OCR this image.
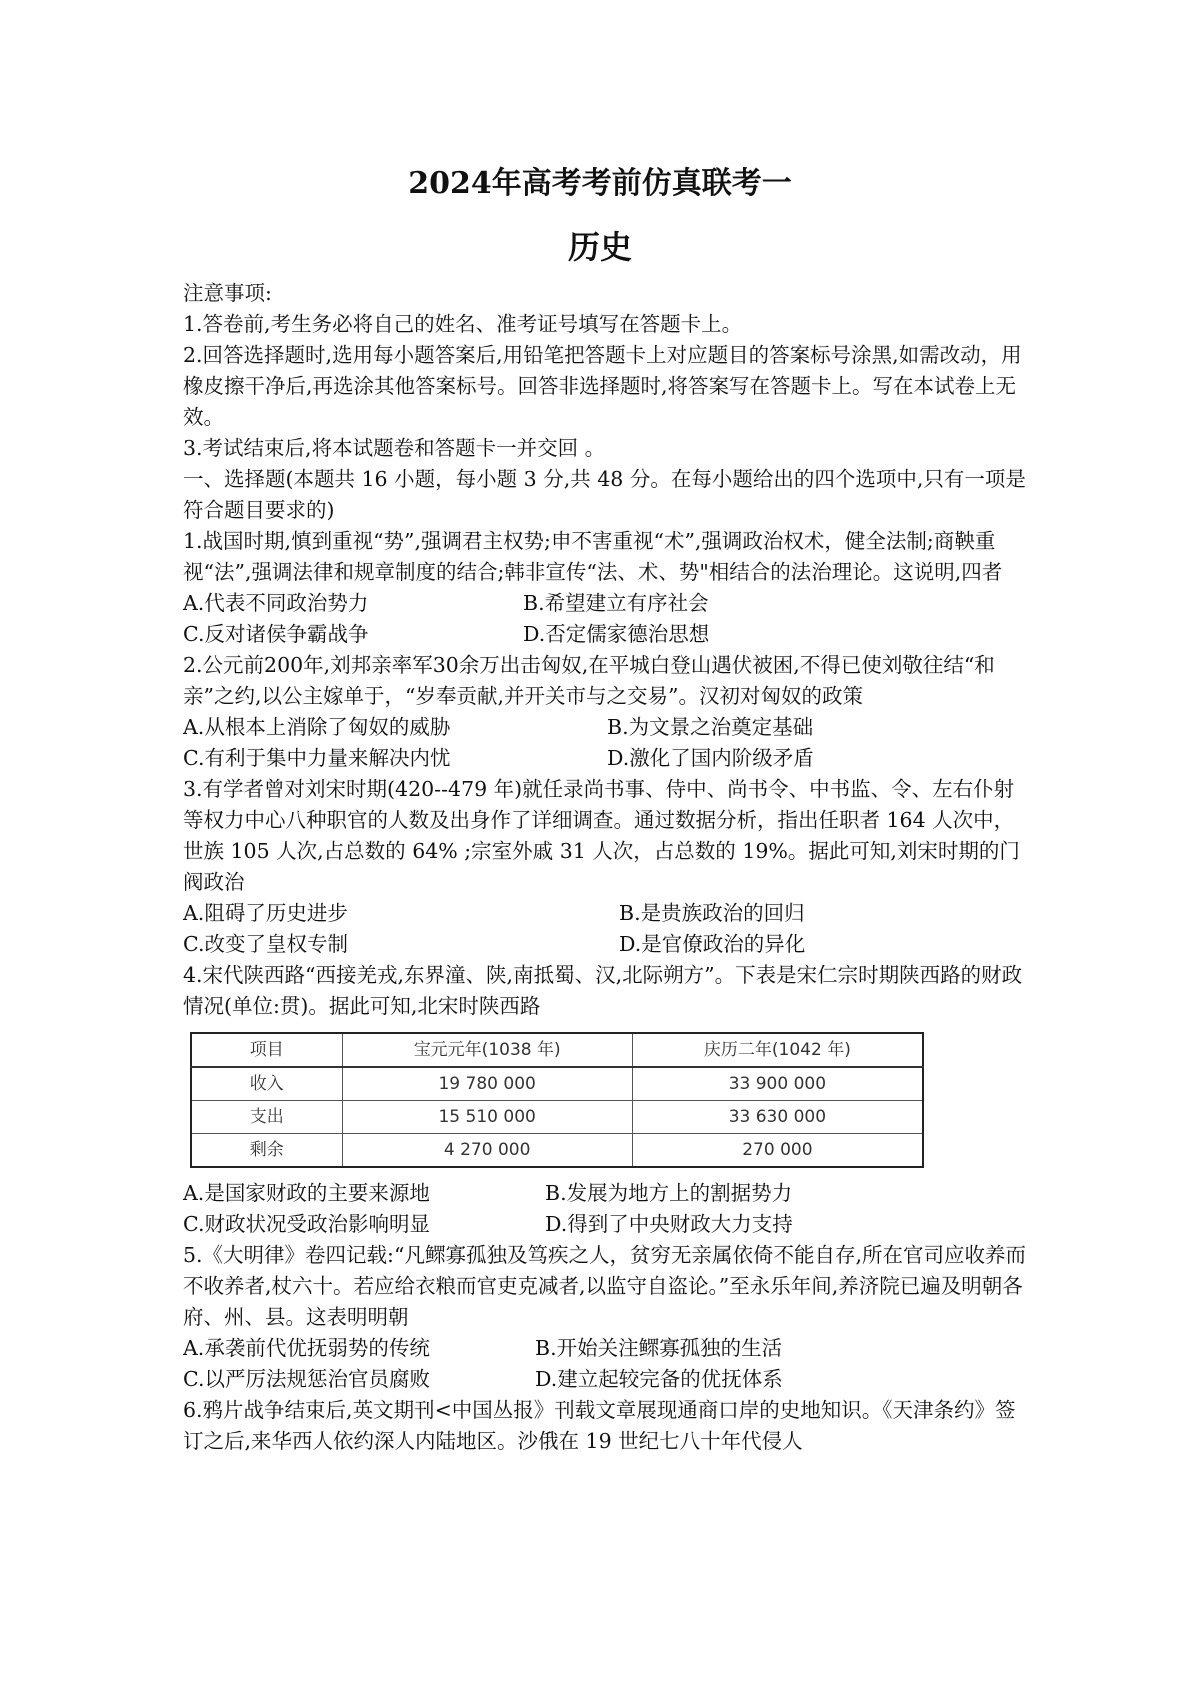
2024年高考考前仿真联考一
历史

注意事项:

1.答卷前,考生务必将自己的姓名、准考证号填写在答题卡上。

2.回答选择题时,选用每小题答案后,用铅笔把答题卡上对应题目的答案标号涂黑,如需改动，用橡皮擦干净后,再选涂其他答案标号。回答非选择题时,将答案写在答题卡上。写在本试卷上无效。

3.考试结束后,将本试题卷和答题卡一并交回 。

一、选择题(本题共 16 小题，每小题 3 分,共 48 分。在每小题给出的四个选项中,只有一项是符合题目要求的)

1.战国时期,慎到重视“势”,强调君主权势;申不害重视“术”,强调政治权术，健全法制;商鞅重视“法”,强调法律和规章制度的结合;韩非宣传“法、术、势"相结合的法治理论。这说明,四者

A.代表不同政治势力	B.希望建立有序社会
C.反对诸侯争霸战争	D.否定儒家德治思想

2.公元前200年,刘邦亲率军30余万出击匈奴,在平城白登山遇伏被困,不得已使刘敬往结“和亲”之约,以公主嫁单于，“岁奉贡献,并开关市与之交易”。汉初对匈奴的政策

A.从根本上消除了匈奴的威胁	B.为文景之治奠定基础
C.有利于集中力量来解决内忧	D.激化了国内阶级矛盾

3.有学者曾对刘宋时期(420--479 年)就任录尚书事、侍中、尚书令、中书监、令、左右仆射等权力中心八种职官的人数及出身作了详细调查。通过数据分析，指出任职者 164 人次中，世族 105 人次,占总数的 64% ;宗室外戚 31 人次，占总数的 19%。据此可知,刘宋时期的门阀政治

A.阻碍了历史进步	B.是贵族政治的回归
C.改变了皇权专制	D.是官僚政治的异化

4.宋代陕西路“西接羌戎,东界潼、陕,南抵蜀、汉,北际朔方”。下表是宋仁宗时期陕西路的财政情况(单位:贯)。据此可知,北宋时陕西路

项目	宝元元年(1038 年)	庆历二年(1042 年)
收入	19 780 000	33 900 000
支出	15 510 000	33 630 000
剩余	4 270 000	270 000
A.是国家财政的主要来源地	B.发展为地方上的割据势力
C.财政状况受政治影响明显	D.得到了中央财政大力支持

5.《大明律》卷四记载:“凡鳏寡孤独及笃疾之人，贫穷无亲属依倚不能自存,所在官司应收养而不收养者,杖六十。若应给衣粮而官吏克减者,以监守自盗论。”至永乐年间,养济院已遍及明朝各府、州、县。这表明明朝

A.承袭前代优抚弱势的传统	B.开始关注鳏寡孤独的生活
C.以严厉法规惩治官员腐败	D.建立起较完备的优抚体系

6.鸦片战争结束后,英文期刊<中国丛报》刊载文章展现通商口岸的史地知识。《天津条约》签订之后,来华西人依约深人内陆地区。沙俄在 19 世纪七八十年代侵人
